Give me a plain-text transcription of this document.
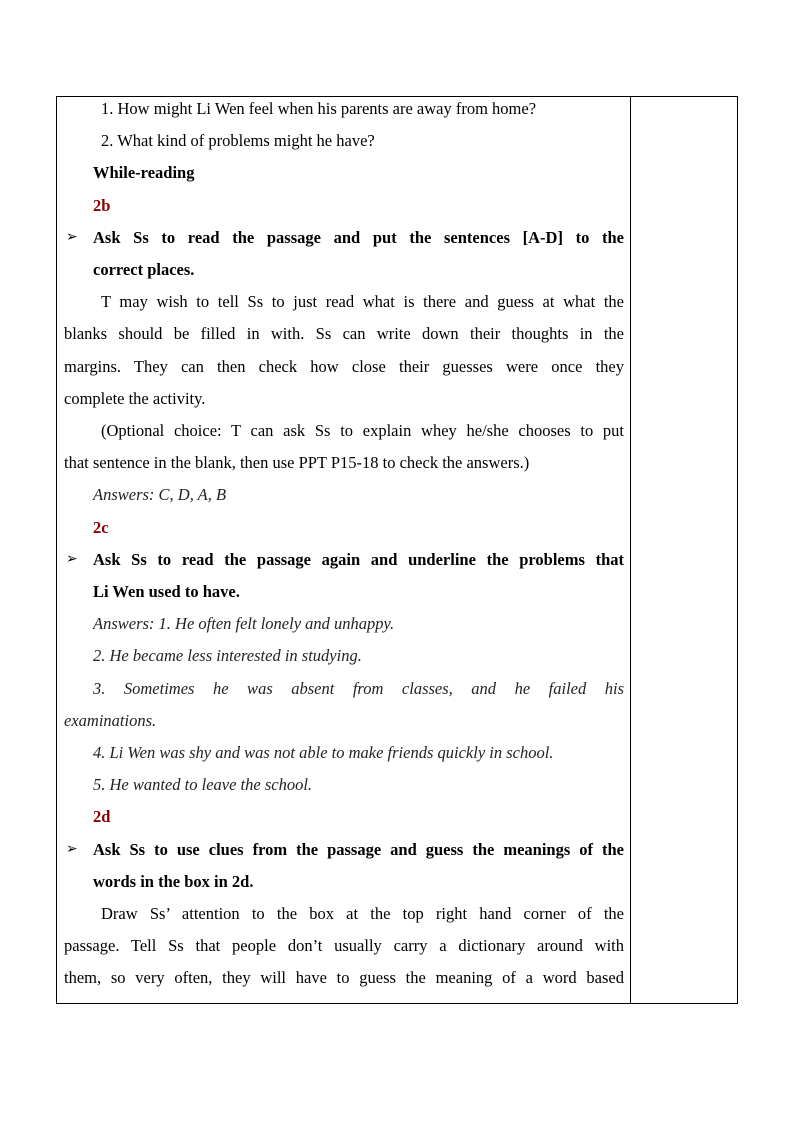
1. How might Li Wen feel when his parents are away from home?
2. What kind of problems might he have?
While-reading
2b
➢ Ask Ss to read the passage and put the sentences [A-D] to the
correct places.
T may wish to tell Ss to just read what is there and guess at what the
blanks should be filled in with. Ss can write down their thoughts in the
margins. They can then check how close their guesses were once they
complete the activity.
(Optional choice: T can ask Ss to explain whey he/she chooses to put
that sentence in the blank, then use PPT P15-18 to check the answers.)
Answers: C, D, A, B
2c
➢ Ask Ss to read the passage again and underline the problems that
Li Wen used to have.
Answers: 1. He often felt lonely and unhappy.
2. He became less interested in studying.
3. Sometimes he was absent from classes, and he failed his
examinations.
4. Li Wen was shy and was not able to make friends quickly in school.
5. He wanted to leave the school.
2d
➢ Ask Ss to use clues from the passage and guess the meanings of the
words in the box in 2d.
Draw Ss’ attention to the box at the top right hand corner of the
passage. Tell Ss that people don’t usually carry a dictionary around with
them, so very often, they will have to guess the meaning of a word based
